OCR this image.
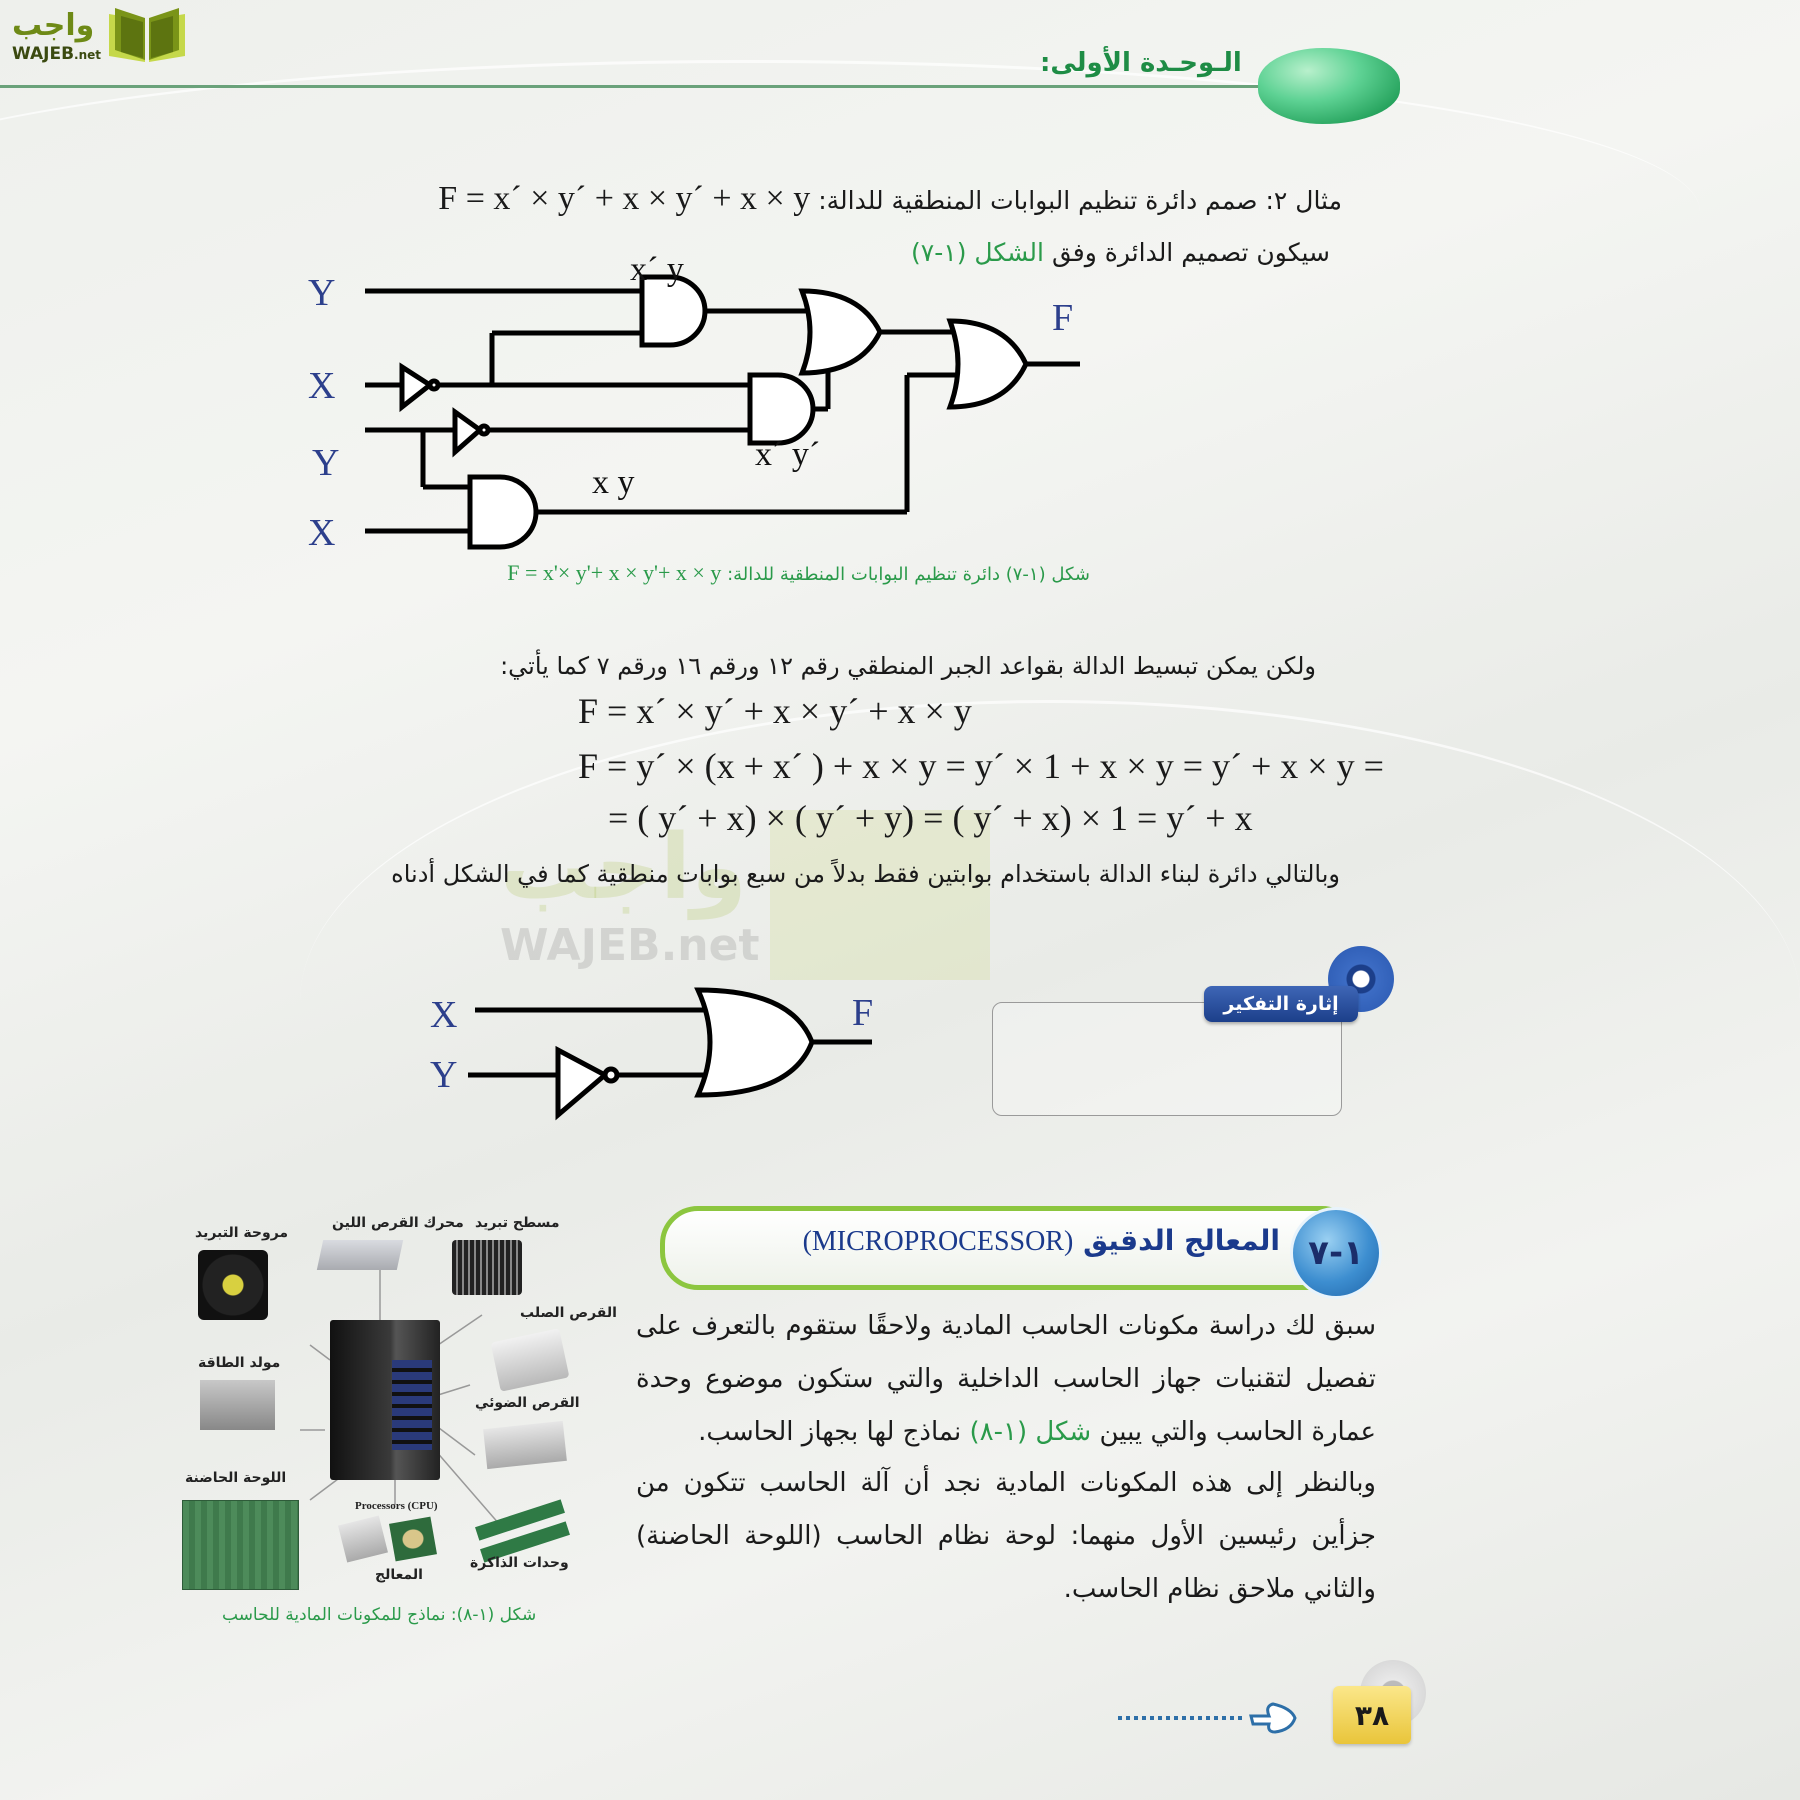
واجب
WAJEB.net
واجب
WAJEB.net	الـوحـدة الأولى:
مثال ٢: صمم دائرة تنظيم البوابات المنطقية للدالة: F = x´ × y´ + x × y´ + x × y
سيكون تصميم الدائرة وفق الشكل (١-٧)
Y
X
Y
X
F
x´ y
x´ y´
x y
شكل (١-٧) دائرة تنظيم البوابات المنطقية للدالة: F = x'× y'+ x × y'+ x × y
ولكن يمكن تبسيط الدالة بقواعد الجبر المنطقي رقم ١٢ ورقم ١٦ ورقم ٧ كما يأتي:
F = x´ × y´ + x × y´ + x × y
F = y´ × (x + x´ ) + x × y = y´ × 1 + x × y = y´ + x × y =
= ( y´ + x) × ( y´ + y) = ( y´ + x) × 1 = y´ + x
وبالتالي دائرة لبناء الدالة باستخدام بوابتين فقط بدلاً من سبع بوابات منطقية كما في الشكل أدناه
X
Y
F	إثارة التفكير
المعالج الدقيق (MICROPROCESSOR)	١-٧
سبق لك دراسة مكونات الحاسب المادية ولاحقًا ستقوم بالتعرف على تفصيل لتقنيات جهاز الحاسب الداخلية والتي ستكون موضوع وحدة عمارة الحاسب والتي يبين شكل (١-٨) نماذج لها بجهاز الحاسب.
وبالنظر إلى هذه المكونات المادية نجد أن آلة الحاسب تتكون من جزأين رئيسين الأول منهما: لوحة نظام الحاسب (اللوحة الحاضنة) والثاني ملاحق نظام الحاسب.
مروحة التبريد
محرك القرص اللين مسطح تبريد
القرص الصلب
مولد الطاقة
القرص الضوئي
اللوحة الحاضنة
Processors (CPU)
المعالج
وحدات الذاكرة
شكل (١-٨): نماذج للمكونات المادية للحاسب
٣٨
